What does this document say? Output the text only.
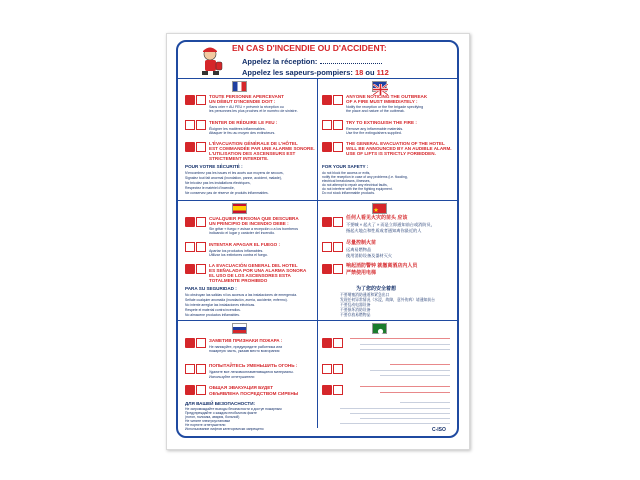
EN CAS D'INCENDIE OU D'ACCIDENT:
Appelez la réception:
Appelez les sapeurs-pompiers: 18 ou 112
TOUTE PERSONNE APERCEVANT
UN DÉBUT D'INCENDIE DOIT :
Sans crier « AU FEU » prévenir la réception ou
les personnes les plus proches et le numéro de sinistre.
TENTER DE RÉDUIRE LE FEU :
Éloigner les matières inflammables.
Attaquer le feu au moyen des extincteurs.
L'ÉVACUATION GÉNÉRALE DE L'HÔTEL
EST COMMANDÉE PAR UNE ALARME SONORE.
L'UTILISATION DES ASCENSEURS EST
STRICTEMENT INTERDITE.
POUR VOTRE SÉCURITÉ :
N'encombrez pas les issues et les accès aux moyens de secours,
Signalez tout fait anormal (inondation, panne, accident, malade),
Ne bricolez pas les installations électriques,
Respectez le matériel d'incendie,
Ne conservez pas de réserve de produits inflammables.
ANYONE NOTICING THE OUTBREAK
OF A FIRE MUST IMMEDIATELY :
Notify the reception or the fire brigade specifying
the place and nature of the outbreak.
TRY TO EXTINGUISH THE FIRE :
Remove any inflammable materials.
Use the fire extinguishers supplied.
THE GENERAL EVACUATION OF THE HOTEL
WILL BE ANNOUNCED BY AN AUDIBLE ALARM.
USE OF LIFTS IS STRICTLY FORBIDDEN.
FOR YOUR SAFETY :
do not block the access or exits,
notify the reception in case of any problems (i.e. flooding,
electrical breakdowns, illnesses,
do not attempt to repair any electrical faults,
do not interfere with the fire fighting equipment.
Do not stock inflammable products.
CUALQUIER PERSONA QUE DESCUBRA
UN PRINCIPIO DE INCENDIO DEBE :
Sin gritar « fuego » avisar a recepción o a los bomberos
indicando el lugar y carácter del incendio.
INTENTAR APAGAR EL FUEGO :
Apartar los productos inflamables.
Utilizar los extintores contra el fuego.
LA EVACUACIÓN GENERAL DEL HOTEL
ES SEÑALADA POR UNA ALARMA SONORA
EL USO DE LOS ASCENSORES ESTA
TOTALMENTE PROHIBIDO
PARA SU SEGURIDAD :
No obstruyan las salidas ni los accesos a las instalaciones de emergencia.
Señale cualquier anomalía (inundación, avería, accidente, enfermo).
No intente arreglar las instalaciones eléctricas.
Respete el material contra incendios.
No almacene productos inflamables.
任何人看见火灾的苗头 应该
不要喊 « 起火了 » 而是立即通知前台或消防员，
指起火地点和性质或者通知离你最近的人
尽量控制火苗
远离易燃物品
使用消防设备及器材灭火
响起消防警钟 就撤离酒店内人员
严禁使用电梯
为了您的安全着想
不要堵塞消防通道和紧急出口
发现任何异常情况（水浸，故障，意外伤病）请通知前台
不要乱动电器设备
不要损坏消防设备
不要存放易燃物品
ЗАМЕТИВ ПРИЗНАКИ ПОЖАРА :
Не паникуйте, предупредите работника или
пожарную часть, указав место возгорания
ПОПЫТАЙТЕСЬ УМЕНЬШИТЬ ОГОНЬ :
Удалите все легковоспламеняющиеся материалы.
Используйте огнетушители
ОБЩАЯ ЭВАКУАЦИЯ БУДЕТ
ОБЪЯВЛЕНА ПОСРЕДСТВОМ СИРЕНЫ
ДЛЯ ВАШЕЙ БЕЗОПАСНОСТИ:
Не загромождайте выходы безопасности и доступ пожарным
Предупреждайте о каждом необычном факте
(потоп, поломка, авария, больной)
Не чините электроустановки
Не портите огнетушители
Использование лифтов категорически запрещено	C-ISO
